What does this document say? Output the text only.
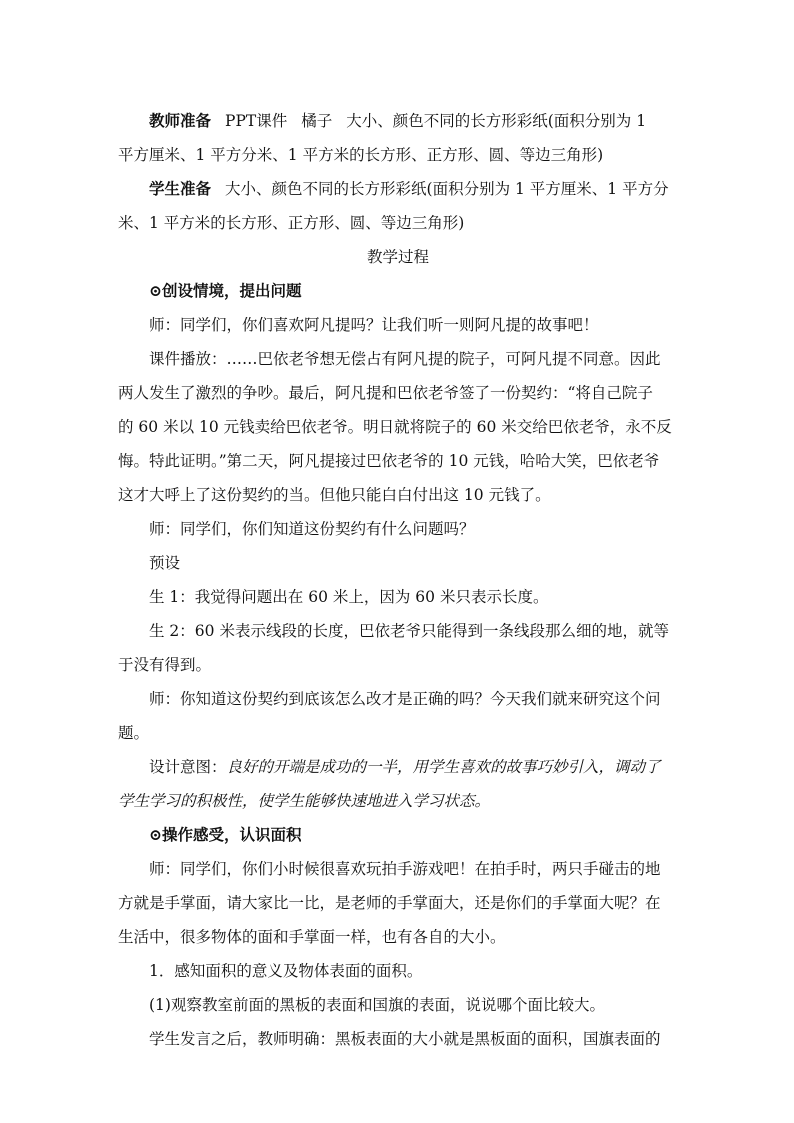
教师准备 PPT课件 橘子 大小、颜色不同的长方形彩纸(面积分别为 1
平方厘米、1 平方分米、1 平方米的长方形、正方形、圆、等边三角形)
学生准备 大小、颜色不同的长方形彩纸(面积分别为 1 平方厘米、1 平方分
米、1 平方米的长方形、正方形、圆、等边三角形)
教学过程
⊙创设情境，提出问题
师：同学们，你们喜欢阿凡提吗？让我们听一则阿凡提的故事吧！
课件播放：……巴依老爷想无偿占有阿凡提的院子，可阿凡提不同意。因此
两人发生了激烈的争吵。最后，阿凡提和巴依老爷签了一份契约：“将自己院子
的 60 米以 10 元钱卖给巴依老爷。明日就将院子的 60 米交给巴依老爷，永不反
悔。特此证明。”第二天，阿凡提接过巴依老爷的 10 元钱，哈哈大笑，巴依老爷
这才大呼上了这份契约的当。但他只能白白付出这 10 元钱了。
师：同学们，你们知道这份契约有什么问题吗？
预设
生 1：我觉得问题出在 60 米上，因为 60 米只表示长度。
生 2：60 米表示线段的长度，巴依老爷只能得到一条线段那么细的地，就等
于没有得到。
师：你知道这份契约到底该怎么改才是正确的吗？今天我们就来研究这个问
题。
设计意图：良好的开端是成功的一半，用学生喜欢的故事巧妙引入，调动了
学生学习的积极性，使学生能够快速地进入学习状态。
⊙操作感受，认识面积
师：同学们，你们小时候很喜欢玩拍手游戏吧！在拍手时，两只手碰击的地
方就是手掌面，请大家比一比，是老师的手掌面大，还是你们的手掌面大呢？在
生活中，很多物体的面和手掌面一样，也有各自的大小。
1．感知面积的意义及物体表面的面积。
(1)观察教室前面的黑板的表面和国旗的表面，说说哪个面比较大。
学生发言之后，教师明确：黑板表面的大小就是黑板面的面积，国旗表面的
